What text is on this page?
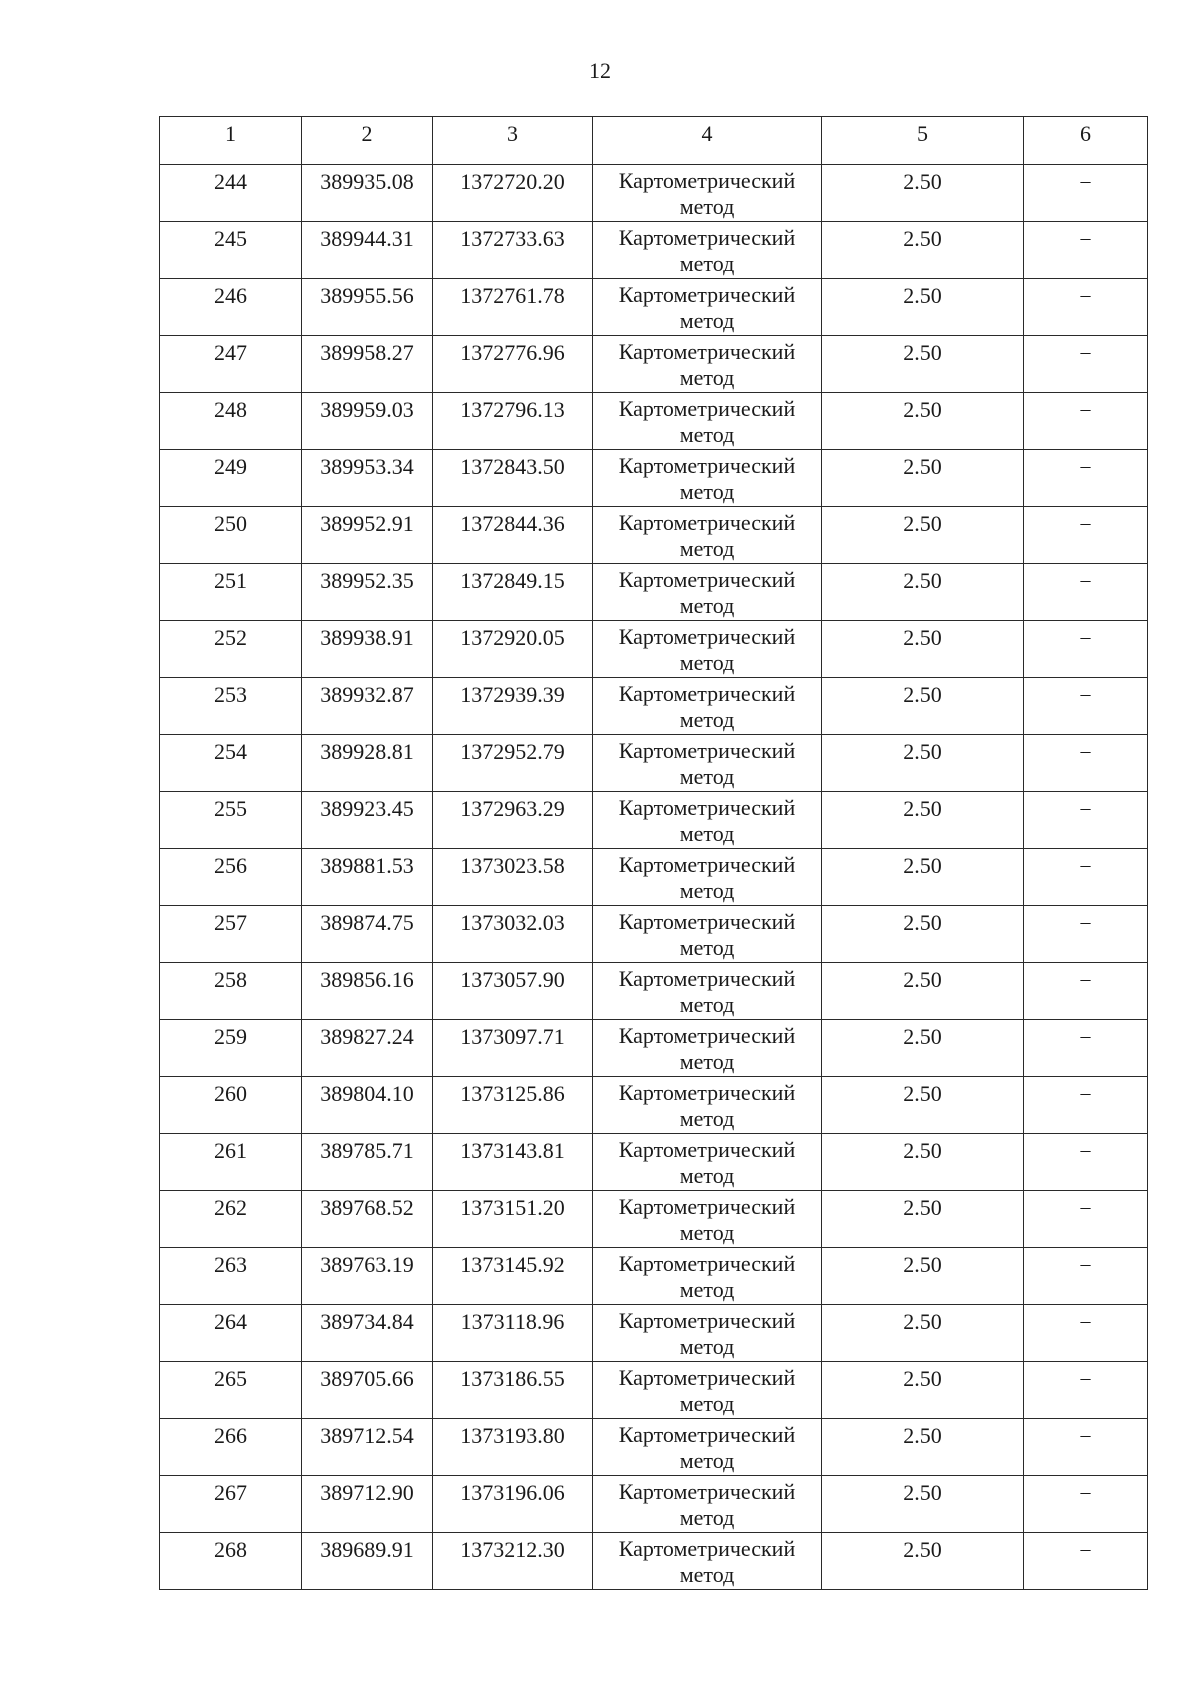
12
1	2	3	4	5	6
244	389935.08	1372720.20	Картометрический метод	2.50	–
245	389944.31	1372733.63	Картометрический метод	2.50	–
246	389955.56	1372761.78	Картометрический метод	2.50	–
247	389958.27	1372776.96	Картометрический метод	2.50	–
248	389959.03	1372796.13	Картометрический метод	2.50	–
249	389953.34	1372843.50	Картометрический метод	2.50	–
250	389952.91	1372844.36	Картометрический метод	2.50	–
251	389952.35	1372849.15	Картометрический метод	2.50	–
252	389938.91	1372920.05	Картометрический метод	2.50	–
253	389932.87	1372939.39	Картометрический метод	2.50	–
254	389928.81	1372952.79	Картометрический метод	2.50	–
255	389923.45	1372963.29	Картометрический метод	2.50	–
256	389881.53	1373023.58	Картометрический метод	2.50	–
257	389874.75	1373032.03	Картометрический метод	2.50	–
258	389856.16	1373057.90	Картометрический метод	2.50	–
259	389827.24	1373097.71	Картометрический метод	2.50	–
260	389804.10	1373125.86	Картометрический метод	2.50	–
261	389785.71	1373143.81	Картометрический метод	2.50	–
262	389768.52	1373151.20	Картометрический метод	2.50	–
263	389763.19	1373145.92	Картометрический метод	2.50	–
264	389734.84	1373118.96	Картометрический метод	2.50	–
265	389705.66	1373186.55	Картометрический метод	2.50	–
266	389712.54	1373193.80	Картометрический метод	2.50	–
267	389712.90	1373196.06	Картометрический метод	2.50	–
268	389689.91	1373212.30	Картометрический метод	2.50	–
